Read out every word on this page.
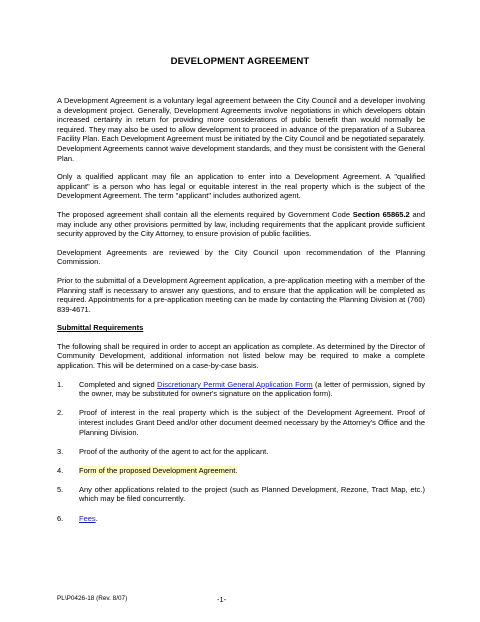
DEVELOPMENT AGREEMENT

A Development Agreement is a voluntary legal agreement between the City Council and a developer involving a development project. Generally, Development Agreements involve negotiations in which developers obtain increased certainty in return for providing more considerations of public benefit than would normally be required. They may also be used to allow development to proceed in advance of the preparation of a Subarea Facility Plan. Each Development Agreement must be initiated by the City Council and be negotiated separately. Development Agreements cannot waive development standards, and they must be consistent with the General Plan.

Only a qualified applicant may file an application to enter into a Development Agreement. A "qualified applicant" is a person who has legal or equitable interest in the real property which is the subject of the Development Agreement. The term "applicant" includes authorized agent.

The proposed agreement shall contain all the elements required by Government Code Section 65865.2 and may include any other provisions permitted by law, including requirements that the applicant provide sufficient security approved by the City Attorney, to ensure provision of public facilities.

Development Agreements are reviewed by the City Council upon recommendation of the Planning Commission.

Prior to the submittal of a Development Agreement application, a pre-application meeting with a member of the Planning staff is necessary to answer any questions, and to ensure that the application will be completed as required. Appointments for a pre-application meeting can be made by contacting the Planning Division at (760) 839-4671.

Submittal Requirements

The following shall be required in order to accept an application as complete. As determined by the Director of Community Development, additional information not listed below may be required to make a complete application. This will be determined on a case-by-case basis.

1.	Completed and signed Discretionary Permit General Application Form (a letter of permission, signed by the owner, may be substituted for owner's signature on the application form).
2.	Proof of interest in the real property which is the subject of the Development Agreement. Proof of interest includes Grant Deed and/or other document deemed necessary by the Attorney's Office and the Planning Division.
3.	Proof of the authority of the agent to act for the applicant.
4.	Form of the proposed Development Agreement.
5.	Any other applications related to the project (such as Planned Development, Rezone, Tract Map, etc.) which may be filed concurrently.
6.	Fees.
PL\P0426-18 (Rev. 8/07)	-1-
